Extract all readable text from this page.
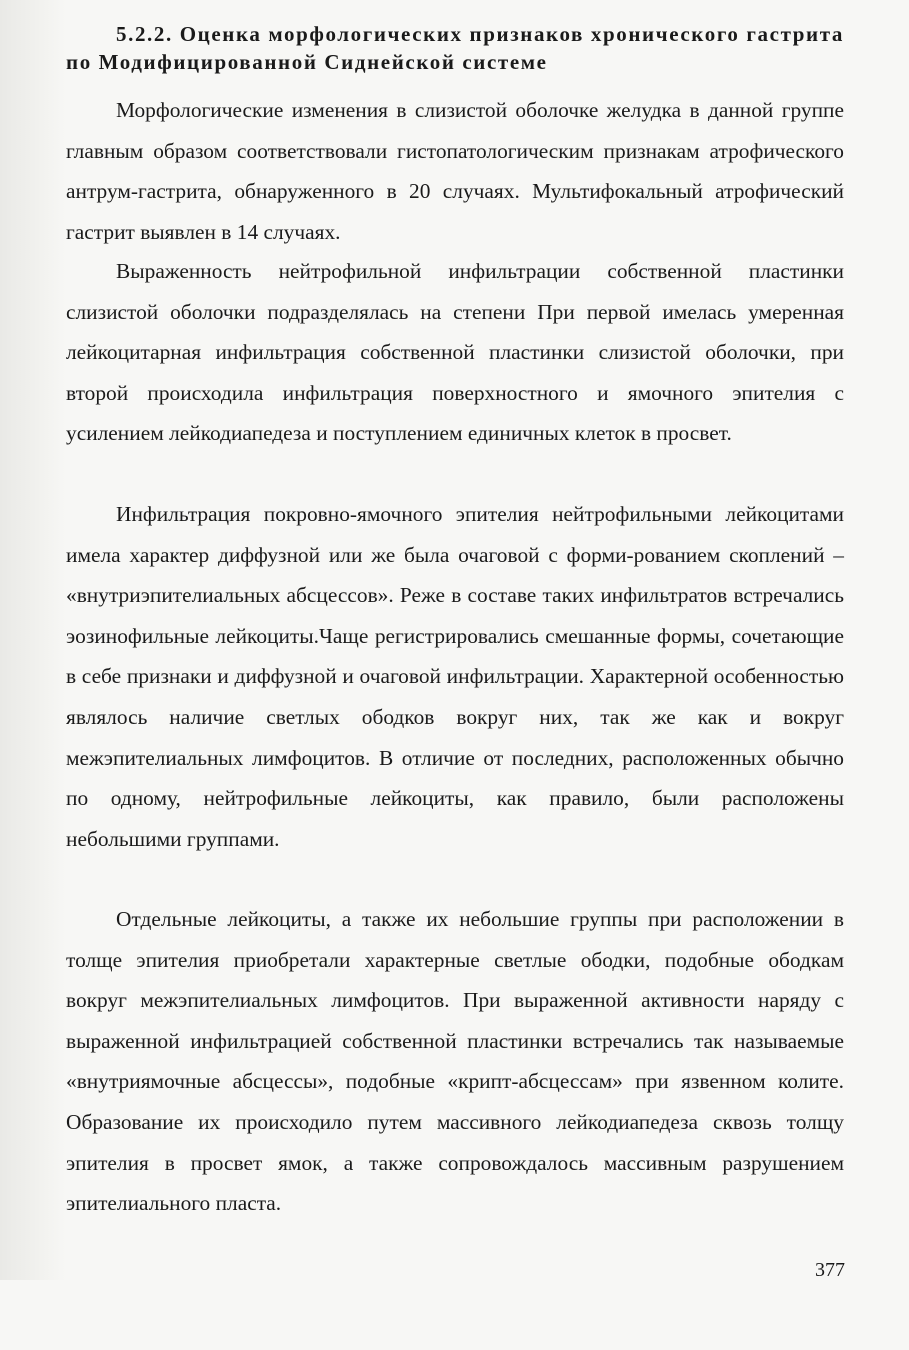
5.2.2. Оценка морфологических признаков хронического гастрита по Модифицированной Сиднейской системе

Морфологические изменения в слизистой оболочке желудка в данной группе главным образом соответствовали гистопатологическим признакам атрофического антрум-гастрита, обнаруженного в 20 случаях. Мультифокальный атрофический гастрит выявлен в 14 случаях.

Выраженность нейтрофильной инфильтрации собственной пластинки слизистой оболочки подразделялась на степени При первой имелась умеренная лейкоцитарная инфильтрация собственной пластинки слизистой оболочки, при второй происходила инфильтрация поверхностного и ямочного эпителия с усилением лейкодиапедеза и поступлением единичных клеток в просвет.

Инфильтрация покровно-ямочного эпителия нейтрофильными лейкоцитами имела характер диффузной или же была очаговой с форми-рованием скоплений – «внутриэпителиальных абсцессов». Реже в составе таких инфильтратов встречались эозинофильные лейкоциты.Чаще регистрировались смешанные формы, сочетающие в себе признаки и диффузной и очаговой инфильтрации. Характерной особенностью являлось наличие светлых ободков вокруг них, так же как и вокруг межэпителиальных лимфоцитов. В отличие от последних, расположенных обычно по одному, нейтрофильные лейкоциты, как правило, были расположены небольшими группами.

Отдельные лейкоциты, а также их небольшие группы при расположении в толще эпителия приобретали характерные светлые ободки, подобные ободкам вокруг межэпителиальных лимфоцитов. При выраженной активности наряду с выраженной инфильтрацией собственной пластинки встречались так называемые «внутриямочные абсцессы», подобные «крипт-абсцессам» при язвенном колите. Образование их происходило путем массивного лейкодиапедеза сквозь толщу эпителия в просвет ямок, а также сопровождалось массивным разрушением эпителиального пласта.

377
